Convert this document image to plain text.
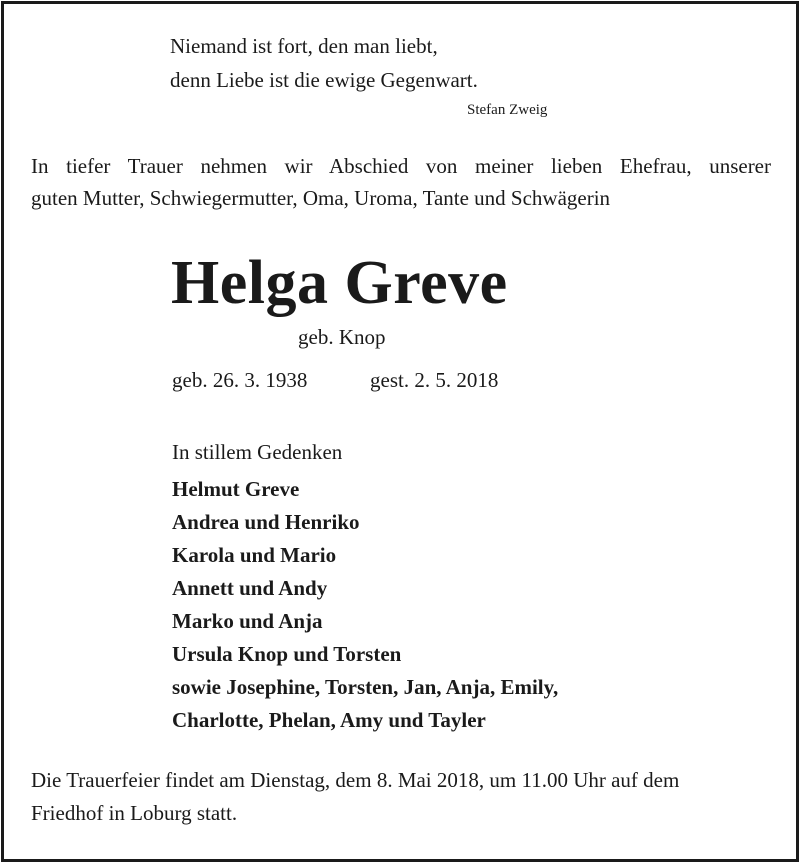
Niemand ist fort, den man liebt,
denn Liebe ist die ewige Gegenwart.
Stefan Zweig
In tiefer Trauer nehmen wir Abschied von meiner lieben Ehefrau, unserer
guten Mutter, Schwiegermutter, Oma, Uroma, Tante und Schwägerin
Helga Greve
geb. Knop
geb. 26. 3. 1938	gest. 2. 5. 2018
In stillem Gedenken
Helmut Greve
Andrea und Henriko
Karola und Mario
Annett und Andy
Marko und Anja
Ursula Knop und Torsten
sowie Josephine, Torsten, Jan, Anja, Emily,
Charlotte, Phelan, Amy und Tayler
Die Trauerfeier findet am Dienstag, dem 8. Mai 2018, um 11.00 Uhr auf dem
Friedhof in Loburg statt.
